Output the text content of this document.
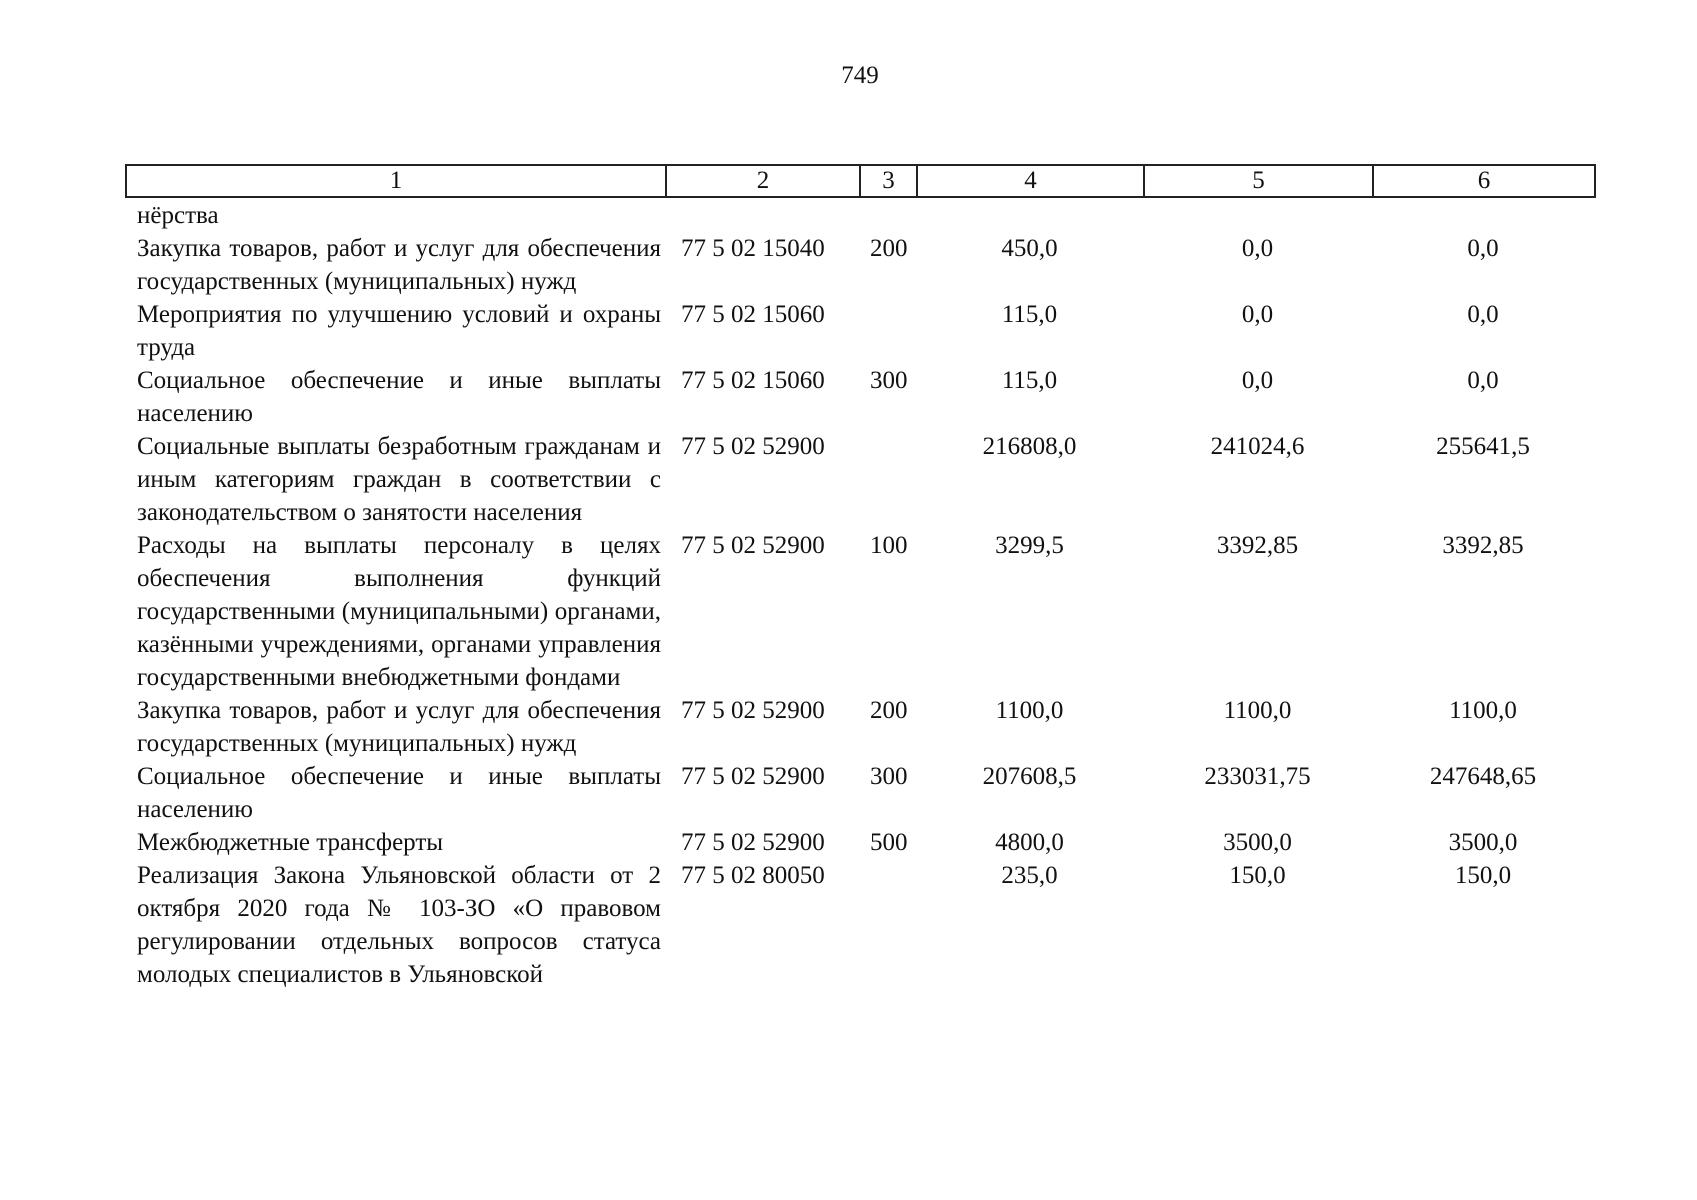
749
1	2	3	4	5	6
нёрства					
Закупка товаров, работ и услуг для обеспечения государственных (муниципальных) нужд	77 5 02 15040	200	450,0	0,0	0,0
Мероприятия по улучшению условий и охраны труда	77 5 02 15060		115,0	0,0	0,0
Социальное обеспечение и иные выплаты населению	77 5 02 15060	300	115,0	0,0	0,0
Социальные выплаты безработным гражданам и иным категориям граждан в соответствии с законодательством о занятости населения	77 5 02 52900		216808,0	241024,6	255641,5
Расходы на выплаты персоналу в целях обеспечения выполнения функций государственными (муниципальными) органами, казёнными учреждениями, органами управления государственными внебюджетными фондами	77 5 02 52900	100	3299,5	3392,85	3392,85
Закупка товаров, работ и услуг для обеспечения государственных (муниципальных) нужд	77 5 02 52900	200	1100,0	1100,0	1100,0
Социальное обеспечение и иные выплаты населению	77 5 02 52900	300	207608,5	233031,75	247648,65
Межбюджетные трансферты	77 5 02 52900	500	4800,0	3500,0	3500,0
Реализация Закона Ульяновской области от 2 октября 2020 года № 103-ЗО «О правовом регулировании отдельных вопросов статуса молодых специалистов в Ульяновской	77 5 02 80050		235,0	150,0	150,0
